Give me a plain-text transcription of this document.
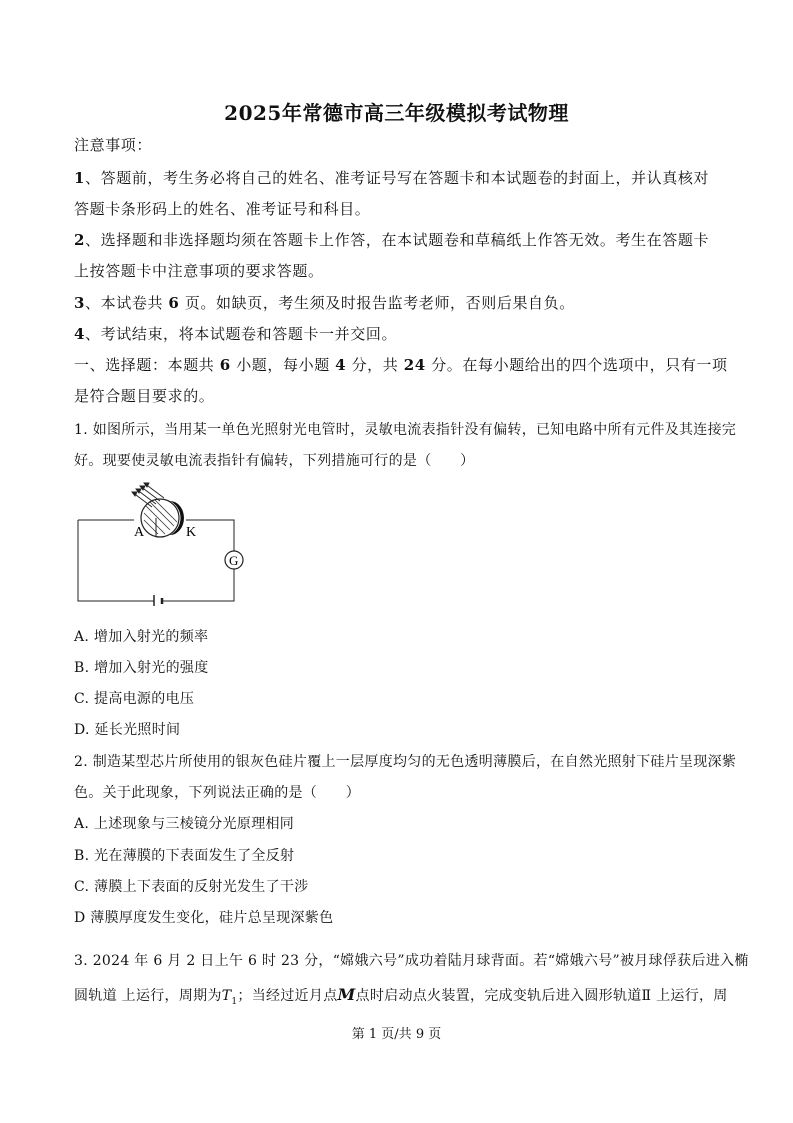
2025年常德市高三年级模拟考试物理
注意事项：
1、答题前，考生务必将自己的姓名、准考证号写在答题卡和本试题卷的封面上，并认真核对
答题卡条形码上的姓名、准考证号和科目。
2、选择题和非选择题均须在答题卡上作答，在本试题卷和草稿纸上作答无效。考生在答题卡
上按答题卡中注意事项的要求答题。
3、本试卷共 6 页。如缺页，考生须及时报告监考老师，否则后果自负。
4、考试结束，将本试题卷和答题卡一并交回。
一、选择题：本题共 6 小题，每小题 4 分，共 24 分。在每小题给出的四个选项中，只有一项
是符合题目要求的。
1. 如图所示，当用某一单色光照射光电管时，灵敏电流表指针没有偏转，已知电路中所有元件及其连接完
好。现要使灵敏电流表指针有偏转，下列措施可行的是（　　）
A	K
G
A. 增加入射光的频率
B. 增加入射光的强度
C. 提高电源的电压
D. 延长光照时间
2. 制造某型芯片所使用的银灰色硅片覆上一层厚度均匀的无色透明薄膜后，在自然光照射下硅片呈现深紫
色。关于此现象，下列说法正确的是（　　）
A. 上述现象与三棱镜分光原理相同
B. 光在薄膜的下表面发生了全反射
C. 薄膜上下表面的反射光发生了干涉
D 薄膜厚度发生变化，硅片总呈现深紫色
3. 2024 年 6 月 2 日上午 6 时 23 分，“嫦娥六号”成功着陆月球背面。若“嫦娥六号”被月球俘获后进入椭
圆轨道 上运行，周期为$T_1$；当经过近月点M点时启动点火装置，完成变轨后进入圆形轨道Ⅱ 上运行，周
第 1 页/共 9 页
